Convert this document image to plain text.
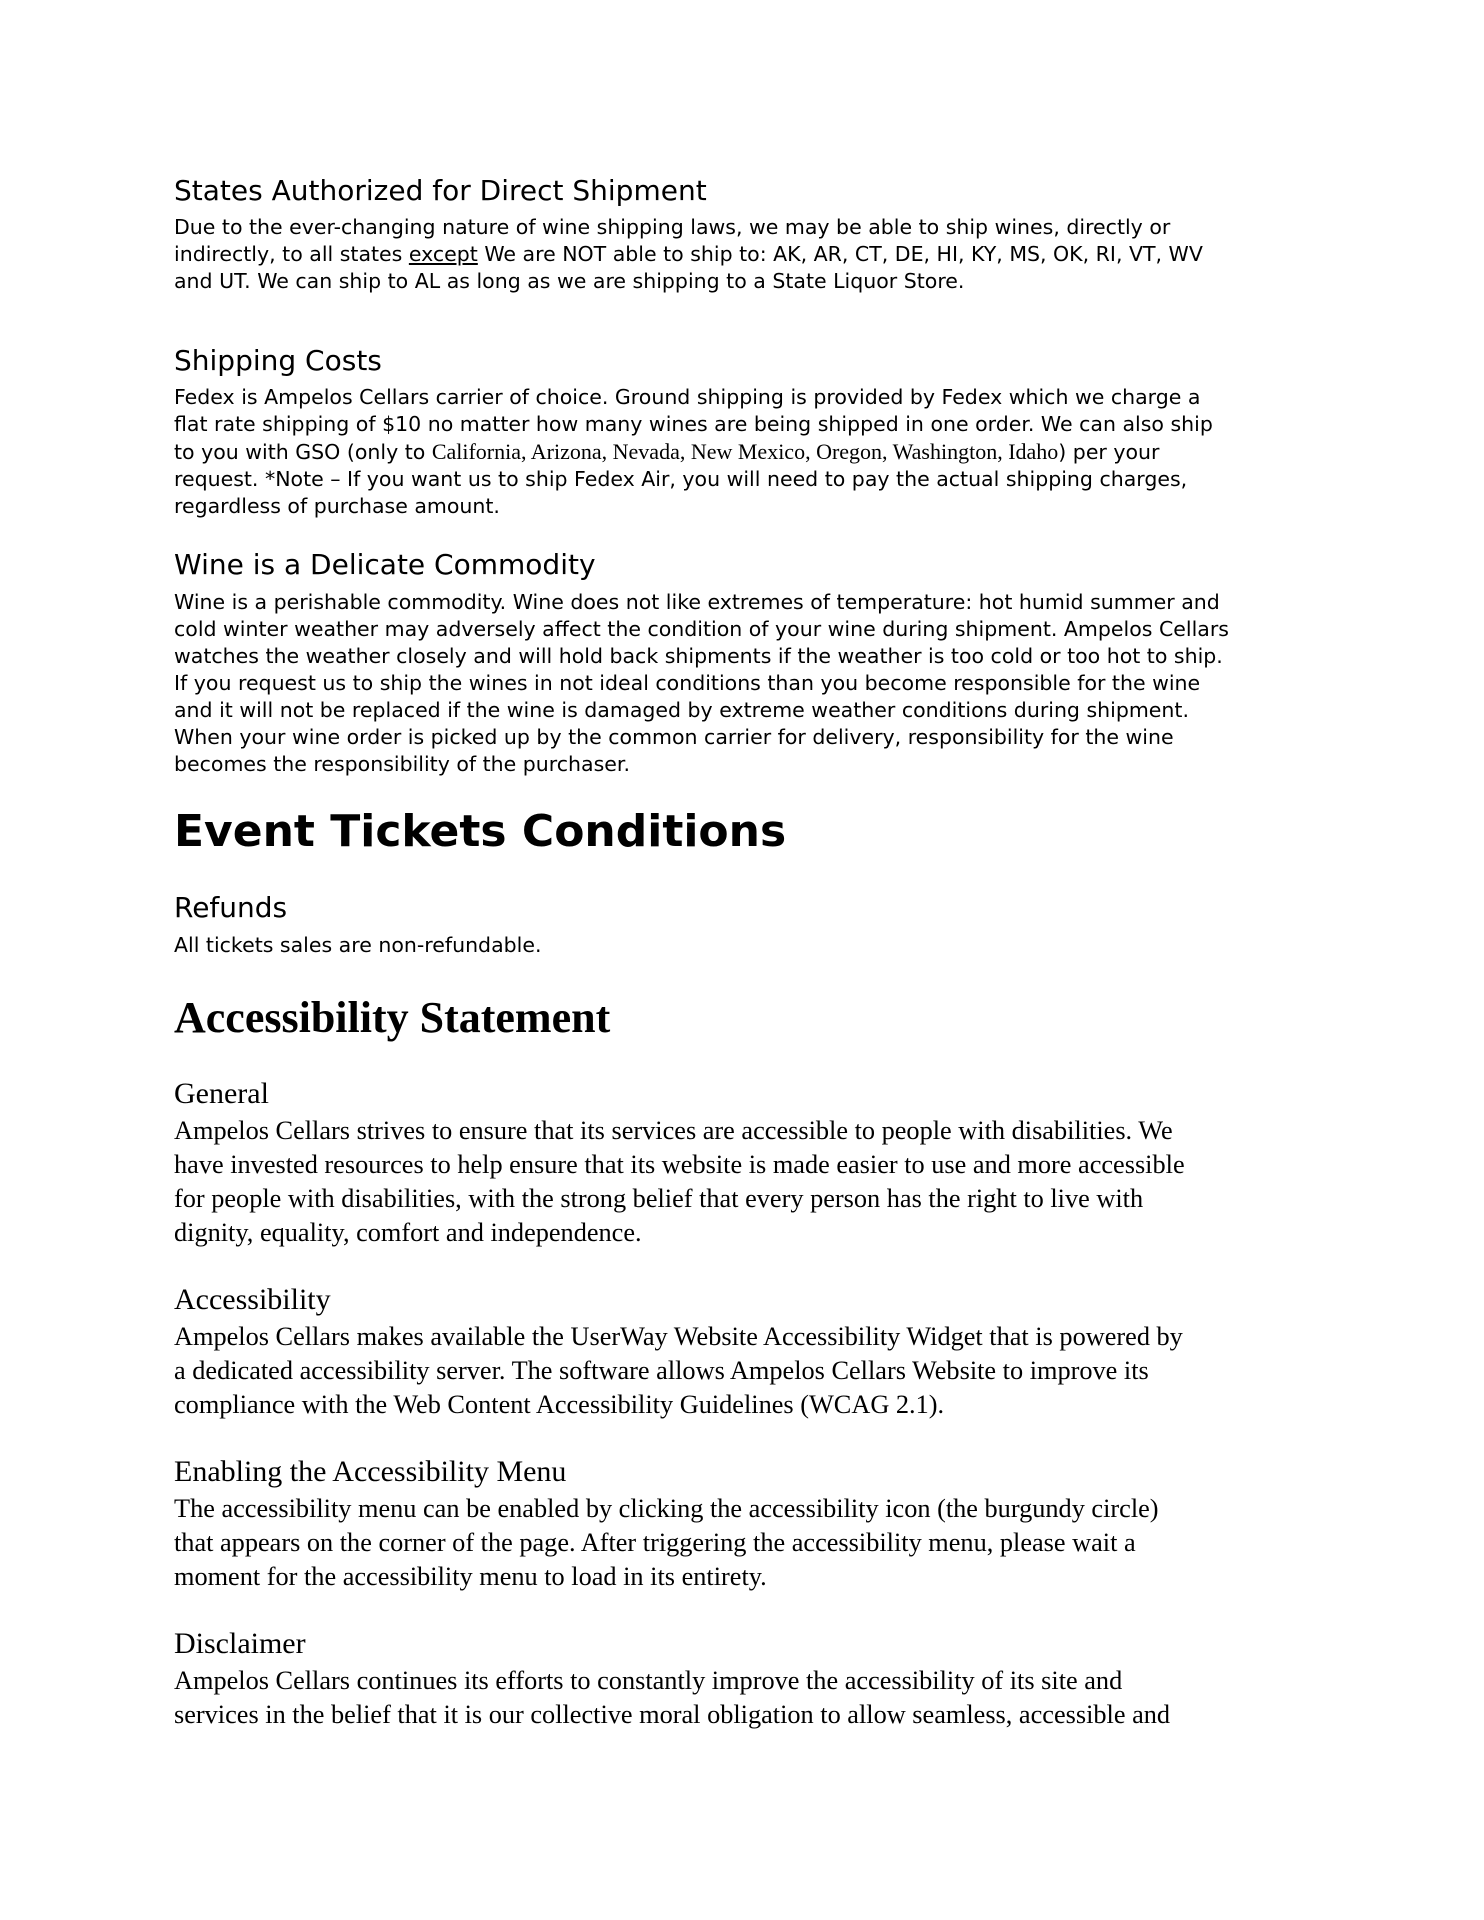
States Authorized for Direct Shipment
Due to the ever-changing nature of wine shipping laws, we may be able to ship wines, directly or
indirectly, to all states except We are NOT able to ship to: AK, AR, CT, DE, HI, KY, MS, OK, RI, VT, WV
and UT. We can ship to AL as long as we are shipping to a State Liquor Store.
Shipping Costs
Fedex is Ampelos Cellars carrier of choice. Ground shipping is provided by Fedex which we charge a
flat rate shipping of $10 no matter how many wines are being shipped in one order. We can also ship
to you with GSO (only to California, Arizona, Nevada, New Mexico, Oregon, Washington, Idaho) per your
request. *Note – If you want us to ship Fedex Air, you will need to pay the actual shipping charges,
regardless of purchase amount.
Wine is a Delicate Commodity
Wine is a perishable commodity. Wine does not like extremes of temperature: hot humid summer and
cold winter weather may adversely affect the condition of your wine during shipment. Ampelos Cellars
watches the weather closely and will hold back shipments if the weather is too cold or too hot to ship.
If you request us to ship the wines in not ideal conditions than you become responsible for the wine
and it will not be replaced if the wine is damaged by extreme weather conditions during shipment.
When your wine order is picked up by the common carrier for delivery, responsibility for the wine
becomes the responsibility of the purchaser.
Event Tickets Conditions
Refunds
All tickets sales are non-refundable.
Accessibility Statement
General
Ampelos Cellars strives to ensure that its services are accessible to people with disabilities. We
have invested resources to help ensure that its website is made easier to use and more accessible
for people with disabilities, with the strong belief that every person has the right to live with
dignity, equality, comfort and independence.
Accessibility
Ampelos Cellars makes available the UserWay Website Accessibility Widget that is powered by
a dedicated accessibility server. The software allows Ampelos Cellars Website to improve its
compliance with the Web Content Accessibility Guidelines (WCAG 2.1).
Enabling the Accessibility Menu
The accessibility menu can be enabled by clicking the accessibility icon (the burgundy circle)
that appears on the corner of the page. After triggering the accessibility menu, please wait a
moment for the accessibility menu to load in its entirety.
Disclaimer
Ampelos Cellars continues its efforts to constantly improve the accessibility of its site and
services in the belief that it is our collective moral obligation to allow seamless, accessible and
